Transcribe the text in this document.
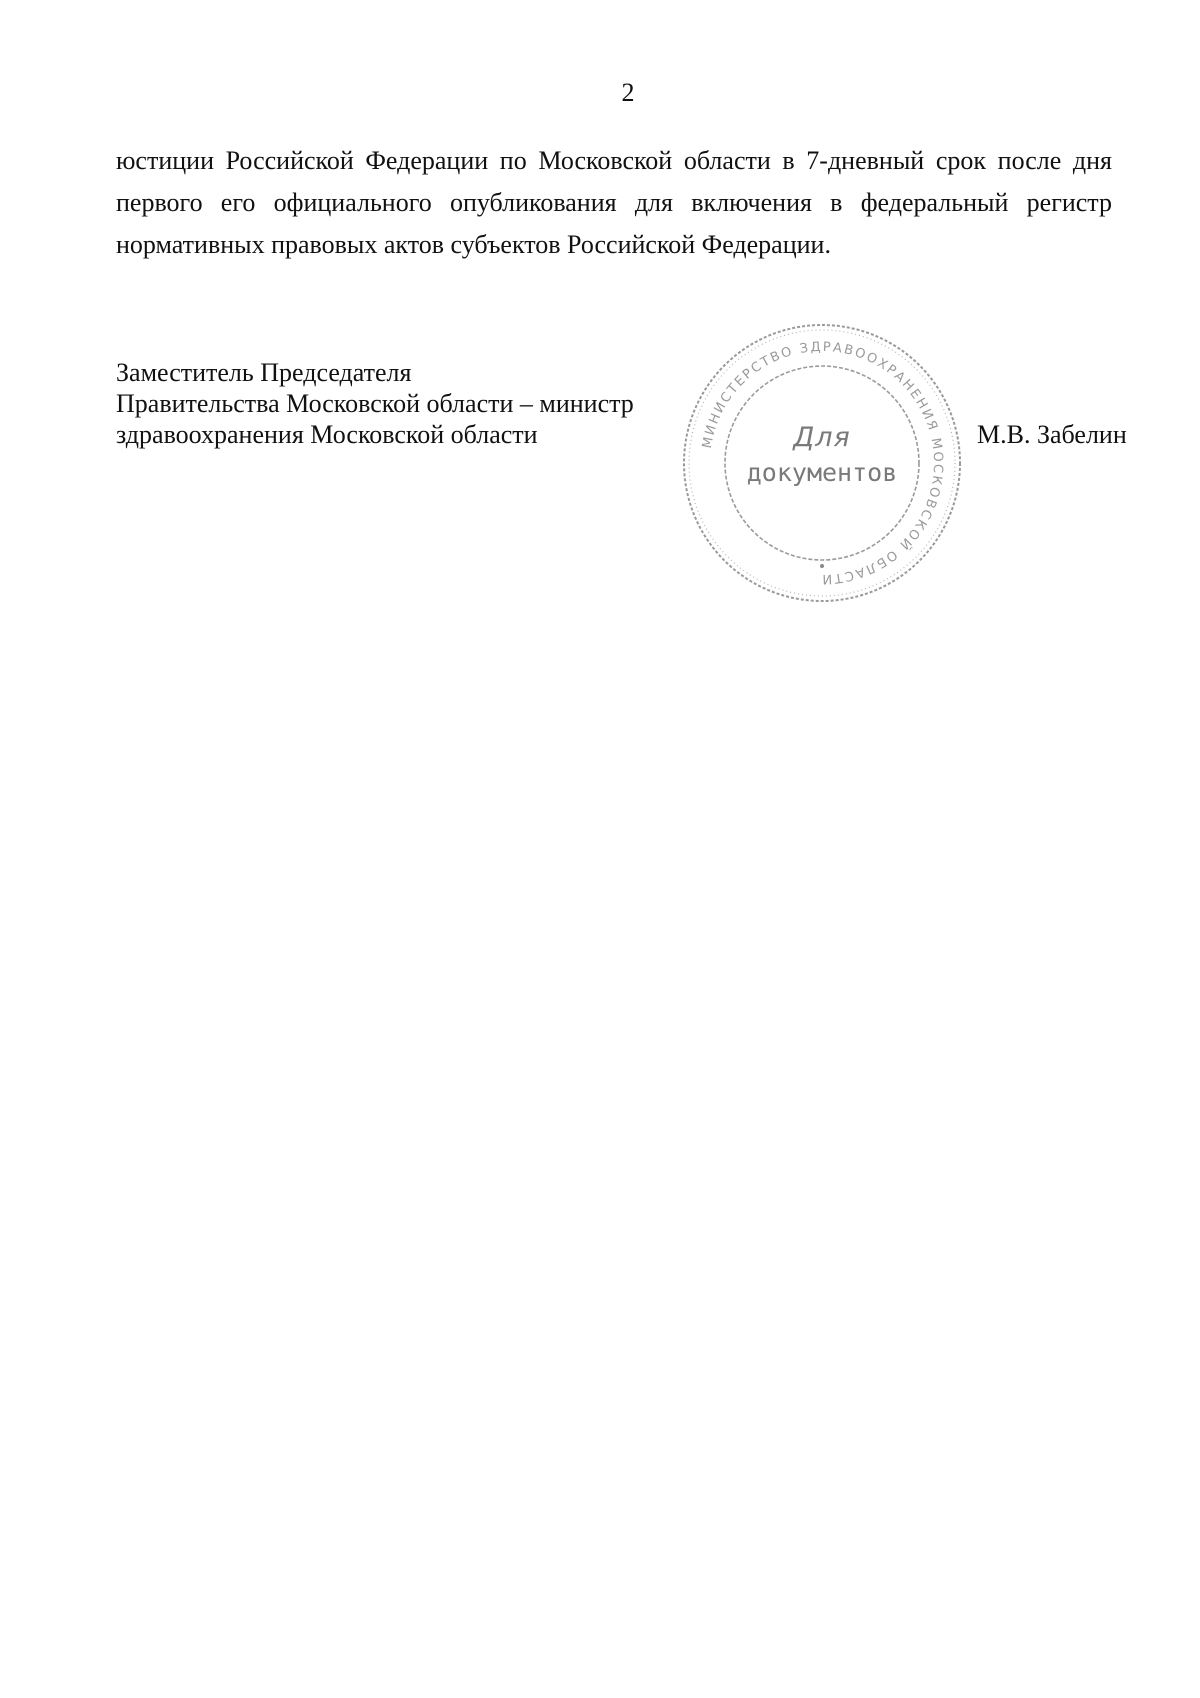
2
юстиции Российской Федерации по Московской области в 7-дневный срок после дня
первого его официального опубликования для включения в федеральный регистр
нормативных правовых актов субъектов Российской Федерации.
Заместитель Председателя
Правительства Московской области – министр
здравоохранения Московской области	МИНИСТЕРСТВО ЗДРАВООХРАНЕНИЯ МОСКОВСКОЙ ОБЛАСТИ
Для
документов
М.В. Забелин
